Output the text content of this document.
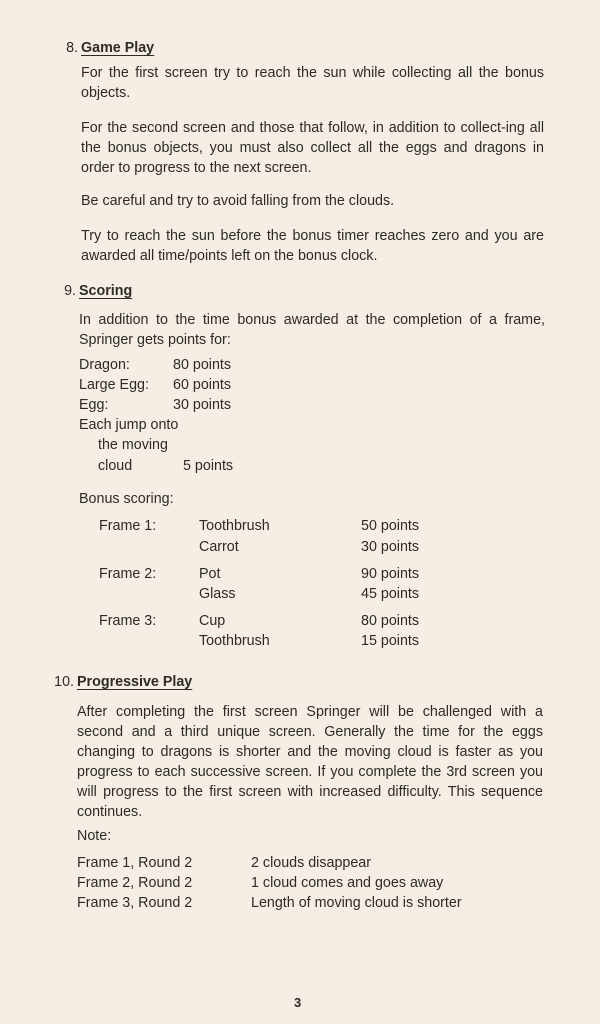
8. Game Play
For the first screen try to reach the sun while collecting all the bonus objects.
For the second screen and those that follow, in addition to collect-ing all the bonus objects, you must also collect all the eggs and dragons in order to progress to the next screen.
Be careful and try to avoid falling from the clouds.
Try to reach the sun before the bonus timer reaches zero and you are awarded all time/points left on the bonus clock.
9. Scoring
In addition to the time bonus awarded at the completion of a frame, Springer gets points for:
Dragon:	80 points
Large Egg: 60 points
Egg:	30 points
Each jump onto
the moving
cloud	5 points
Bonus scoring:
Frame 1:	Toothbrush	50 points
Carrot	30 points
Frame 2:	Pot	90 points
Glass	45 points
Frame 3:	Cup	80 points
Toothbrush	15 points
10. Progressive Play
After completing the first screen Springer will be challenged with a second and a third unique screen. Generally the time for the eggs changing to dragons is shorter and the moving cloud is faster as you progress to each successive screen. If you complete the 3rd screen you will progress to the first screen with increased difficulty. This sequence continues.
Note:
Frame 1, Round 2	2 clouds disappear
Frame 2, Round 2	1 cloud comes and goes away
Frame 3, Round 2	Length of moving cloud is shorter
3
